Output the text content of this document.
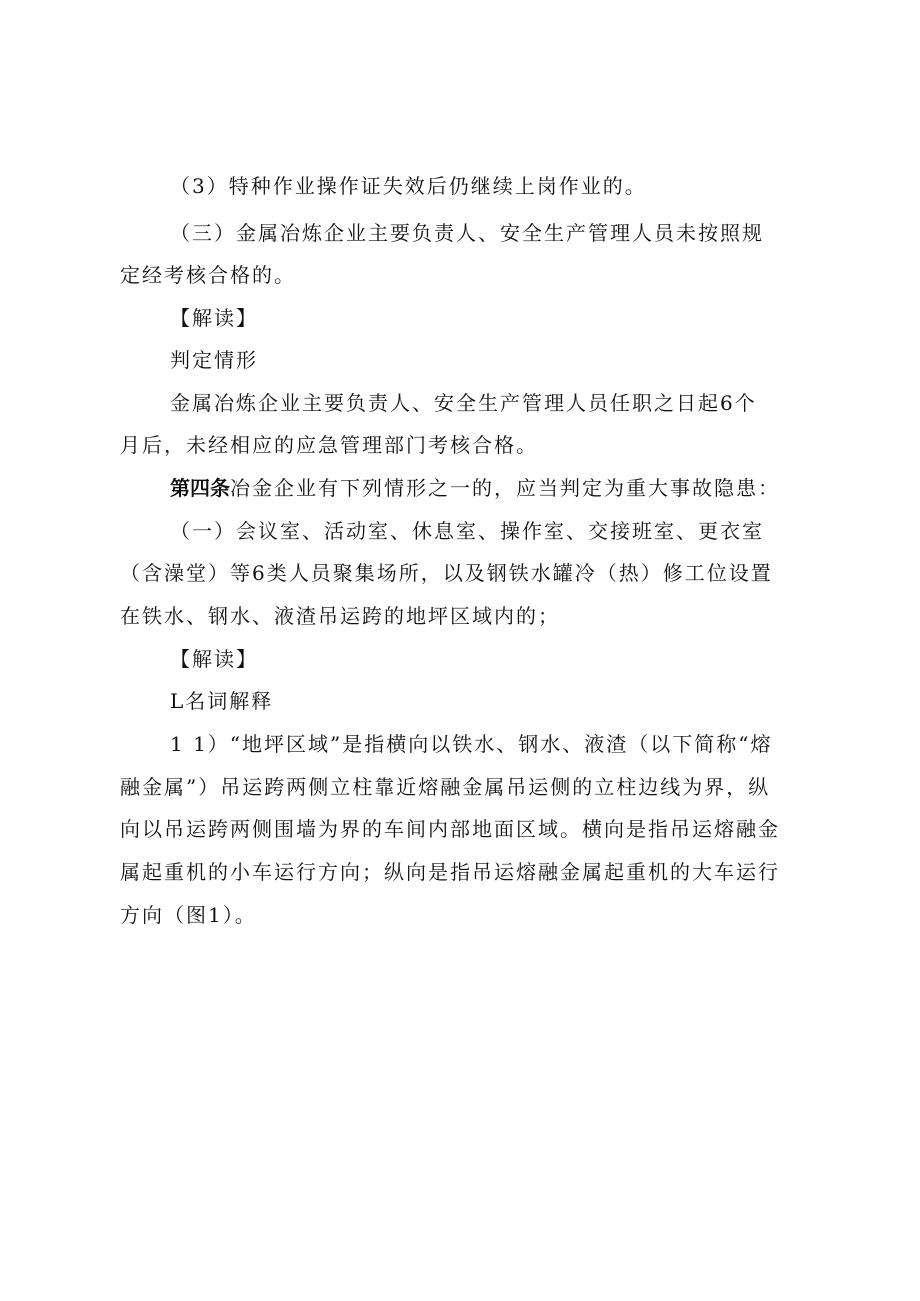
（3）特种作业操作证失效后仍继续上岗作业的。
（三）金属冶炼企业主要负责人、安全生产管理人员未按照规
定经考核合格的。
【解读】
判定情形
金属冶炼企业主要负责人、安全生产管理人员任职之日起6个
月后，未经相应的应急管理部门考核合格。
第四条冶金企业有下列情形之一的，应当判定为重大事故隐患：
（一）会议室、活动室、休息室、操作室、交接班室、更衣室
（含澡堂）等6类人员聚集场所，以及钢铁水罐冷（热）修工位设置
在铁水、钢水、液渣吊运跨的地坪区域内的；
【解读】
L名词解释
1 1）“地坪区域”是指横向以铁水、钢水、液渣（以下简称“熔
融金属”）吊运跨两侧立柱靠近熔融金属吊运侧的立柱边线为界，纵
向以吊运跨两侧围墙为界的车间内部地面区域。横向是指吊运熔融金
属起重机的小车运行方向；纵向是指吊运熔融金属起重机的大车运行
方向（图1）。
